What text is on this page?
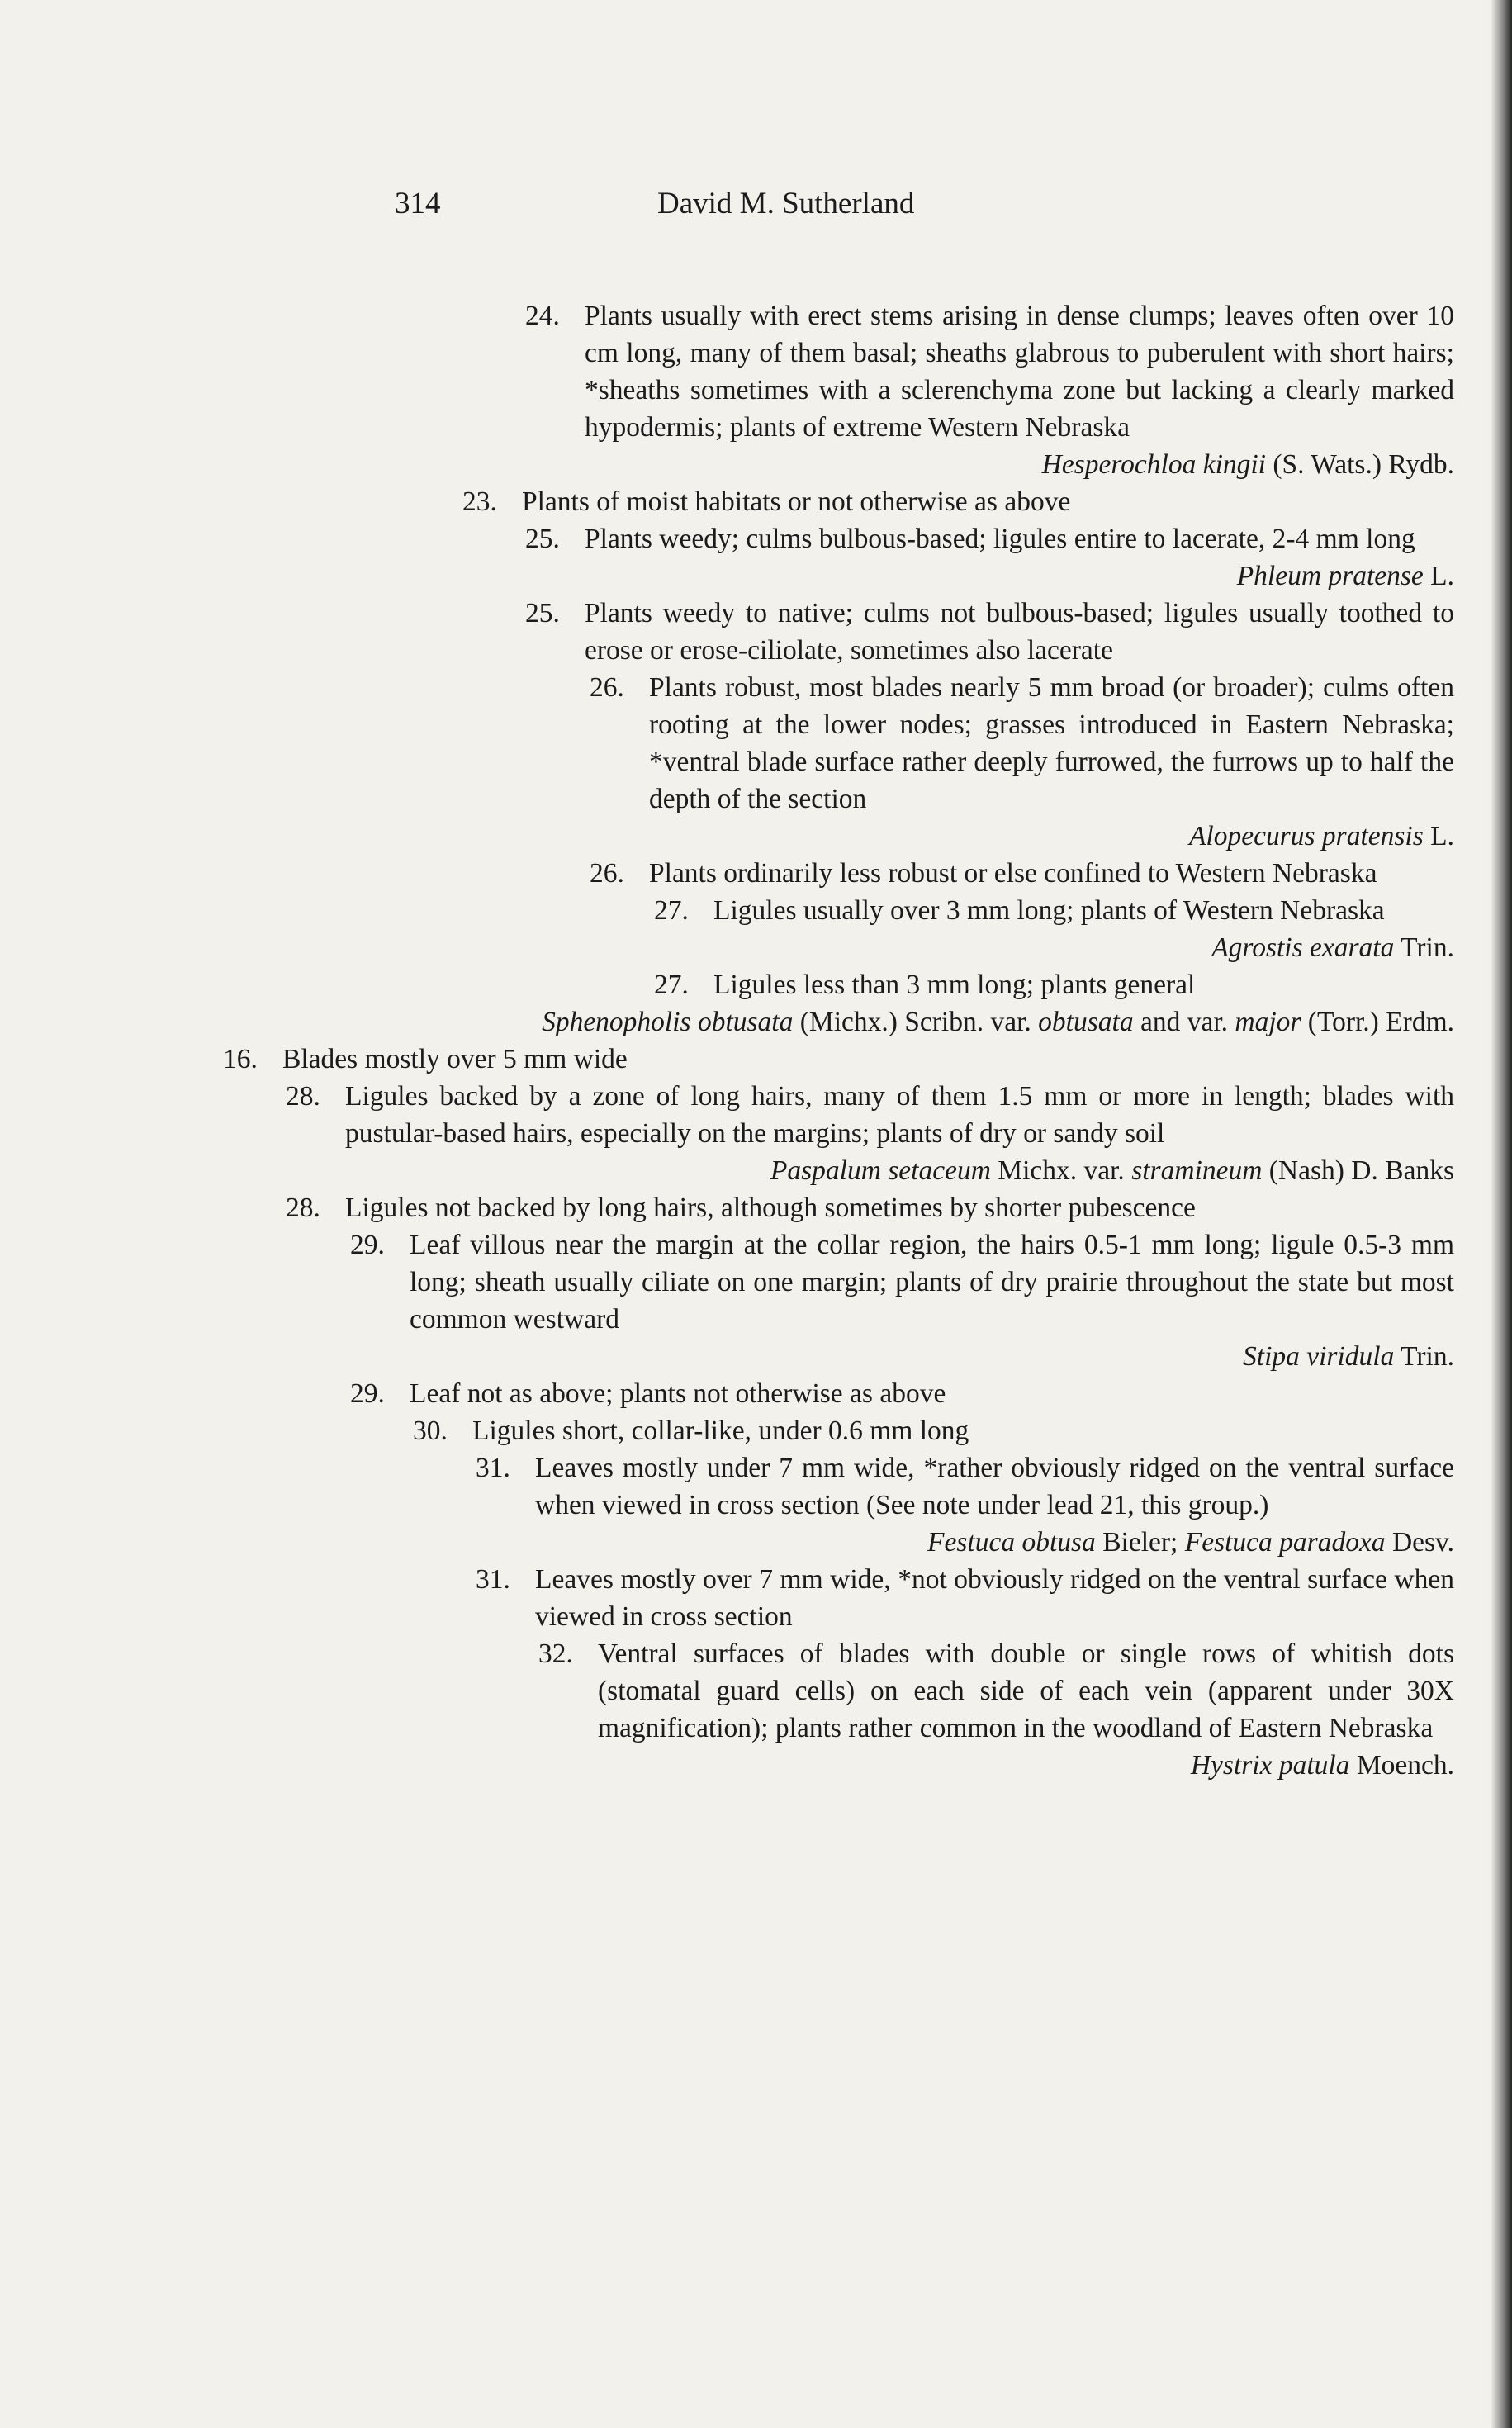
314	David M. Sutherland
24. Plants usually with erect stems arising in dense clumps; leaves often over 10 cm long, many of them basal; sheaths glabrous to puberulent with short hairs; *sheaths sometimes with a sclerenchyma zone but lacking a clearly marked hypodermis; plants of extreme Western Nebraska
Hesperochloa kingii (S. Wats.) Rydb.
23. Plants of moist habitats or not otherwise as above
25. Plants weedy; culms bulbous-based; ligules entire to lacerate, 2-4 mm long
Phleum pratense L.
25. Plants weedy to native; culms not bulbous-based; ligules usually toothed to erose or erose-ciliolate, sometimes also lacerate
26. Plants robust, most blades nearly 5 mm broad (or broader); culms often rooting at the lower nodes; grasses introduced in Eastern Nebraska; *ventral blade surface rather deeply furrowed, the furrows up to half the depth of the section
Alopecurus pratensis L.
26. Plants ordinarily less robust or else confined to Western Nebraska
27. Ligules usually over 3 mm long; plants of Western Nebraska
Agrostis exarata Trin.
27. Ligules less than 3 mm long; plants general
Sphenopholis obtusata (Michx.) Scribn. var. obtusata and var. major (Torr.) Erdm.
16. Blades mostly over 5 mm wide
28. Ligules backed by a zone of long hairs, many of them 1.5 mm or more in length; blades with pustular-based hairs, especially on the margins; plants of dry or sandy soil
Paspalum setaceum Michx. var. stramineum (Nash) D. Banks
28. Ligules not backed by long hairs, although sometimes by shorter pubescence
29. Leaf villous near the margin at the collar region, the hairs 0.5-1 mm long; ligule 0.5-3 mm long; sheath usually ciliate on one margin; plants of dry prairie throughout the state but most common westward
Stipa viridula Trin.
29. Leaf not as above; plants not otherwise as above
30. Ligules short, collar-like, under 0.6 mm long
31. Leaves mostly under 7 mm wide, *rather obviously ridged on the ventral surface when viewed in cross section (See note under lead 21, this group.)
Festuca obtusa Bieler; Festuca paradoxa Desv.
31. Leaves mostly over 7 mm wide, *not obviously ridged on the ventral surface when viewed in cross section
32. Ventral surfaces of blades with double or single rows of whitish dots (stomatal guard cells) on each side of each vein (apparent under 30X magnification); plants rather common in the woodland of Eastern Nebraska
Hystrix patula Moench.
